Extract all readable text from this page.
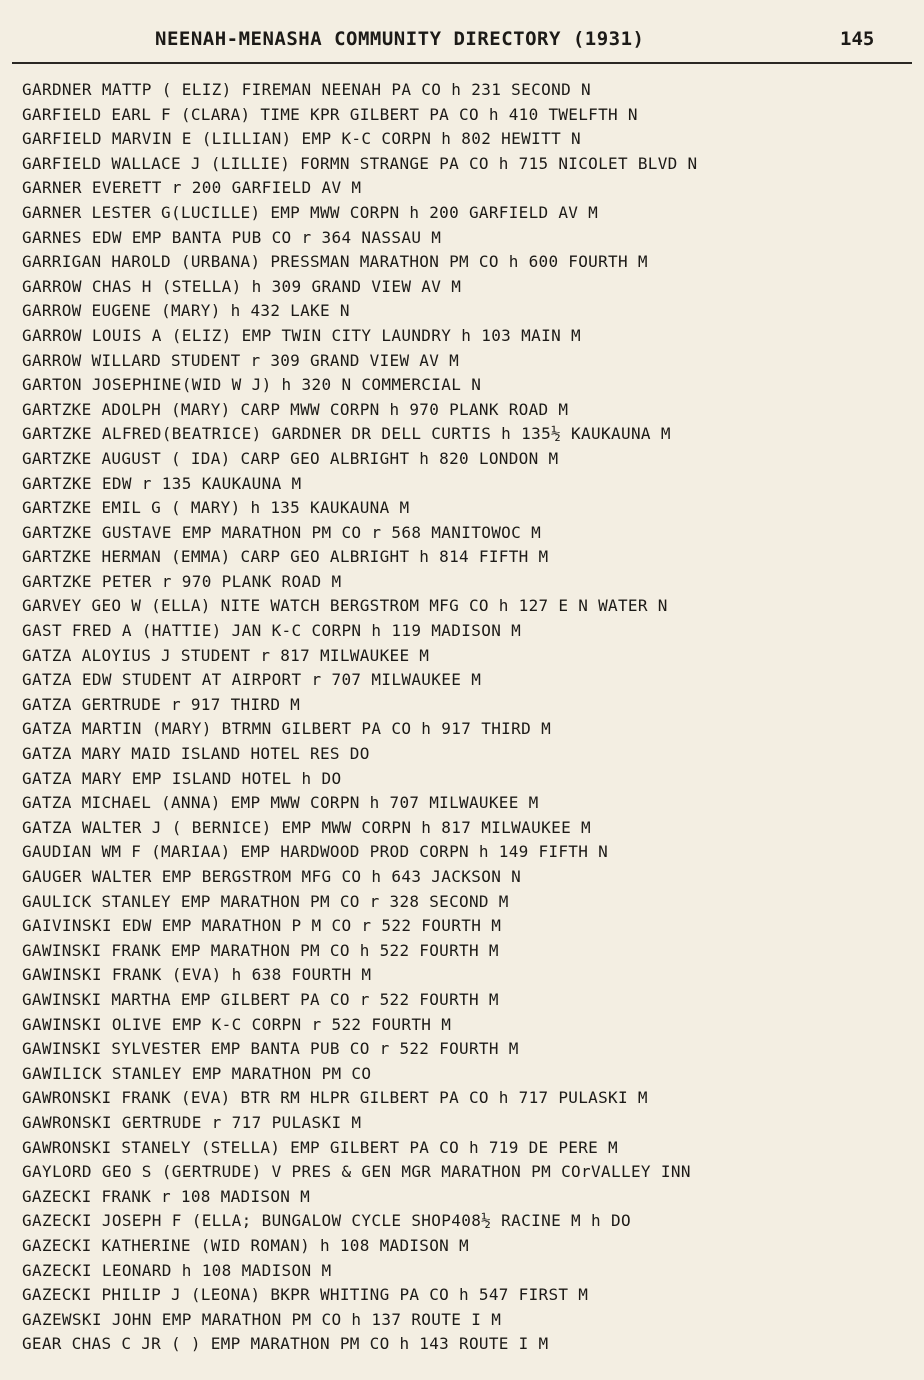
NEENAH-MENASHA COMMUNITY DIRECTORY (1931)	145
GARDNER MATTP ( ELIZ) FIREMAN NEENAH PA CO h 231 SECOND N
GARFIELD EARL F (CLARA) TIME KPR GILBERT PA CO h 410 TWELFTH N
GARFIELD MARVIN E (LILLIAN) EMP K-C CORPN h 802 HEWITT N
GARFIELD WALLACE J (LILLIE) FORMN STRANGE PA CO h 715 NICOLET BLVD N
GARNER EVERETT r 200 GARFIELD AV M
GARNER LESTER G(LUCILLE) EMP MWW CORPN h 200 GARFIELD AV M
GARNES EDW EMP BANTA PUB CO r 364 NASSAU M
GARRIGAN HAROLD (URBANA) PRESSMAN MARATHON PM CO h 600 FOURTH M
GARROW CHAS H (STELLA) h 309 GRAND VIEW AV M
GARROW EUGENE (MARY) h 432 LAKE N
GARROW LOUIS A (ELIZ) EMP TWIN CITY LAUNDRY h 103 MAIN M
GARROW WILLARD STUDENT r 309 GRAND VIEW AV M
GARTON JOSEPHINE(WID W J) h 320 N COMMERCIAL N
GARTZKE ADOLPH (MARY) CARP MWW CORPN h 970 PLANK ROAD M
GARTZKE ALFRED(BEATRICE) GARDNER DR DELL CURTIS h 135½ KAUKAUNA M
GARTZKE AUGUST ( IDA) CARP GEO ALBRIGHT h 820 LONDON M
GARTZKE EDW r 135 KAUKAUNA M
GARTZKE EMIL G ( MARY) h 135 KAUKAUNA M
GARTZKE GUSTAVE EMP MARATHON PM CO r 568 MANITOWOC M
GARTZKE HERMAN (EMMA) CARP GEO ALBRIGHT h 814 FIFTH M
GARTZKE PETER r 970 PLANK ROAD M
GARVEY GEO W (ELLA) NITE WATCH BERGSTROM MFG CO h 127 E N WATER N
GAST FRED A (HATTIE) JAN K-C CORPN h 119 MADISON M
GATZA ALOYIUS J STUDENT r 817 MILWAUKEE M
GATZA EDW STUDENT AT AIRPORT r 707 MILWAUKEE M
GATZA GERTRUDE r 917 THIRD M
GATZA MARTIN (MARY) BTRMN GILBERT PA CO h 917 THIRD M
GATZA MARY MAID ISLAND HOTEL RES DO
GATZA MARY EMP ISLAND HOTEL h DO
GATZA MICHAEL (ANNA) EMP MWW CORPN h 707 MILWAUKEE M
GATZA WALTER J ( BERNICE) EMP MWW CORPN h 817 MILWAUKEE M
GAUDIAN WM F (MARIAA) EMP HARDWOOD PROD CORPN h 149 FIFTH N
GAUGER WALTER EMP BERGSTROM MFG CO h 643 JACKSON N
GAULICK STANLEY EMP MARATHON PM CO r 328 SECOND M
GAIVINSKI EDW EMP MARATHON P M CO r 522 FOURTH M
GAWINSKI FRANK EMP MARATHON PM CO h 522 FOURTH M
GAWINSKI FRANK (EVA) h 638 FOURTH M
GAWINSKI MARTHA EMP GILBERT PA CO r 522 FOURTH M
GAWINSKI OLIVE EMP K-C CORPN r 522 FOURTH M
GAWINSKI SYLVESTER EMP BANTA PUB CO r 522 FOURTH M
GAWILICK STANLEY EMP MARATHON PM CO
GAWRONSKI FRANK (EVA) BTR RM HLPR GILBERT PA CO h 717 PULASKI M
GAWRONSKI GERTRUDE r 717 PULASKI M
GAWRONSKI STANELY (STELLA) EMP GILBERT PA CO h 719 DE PERE M
GAYLORD GEO S (GERTRUDE) V PRES & GEN MGR MARATHON PM COrVALLEY INN
GAZECKI FRANK r 108 MADISON M
GAZECKI JOSEPH F (ELLA; BUNGALOW CYCLE SHOP408½ RACINE M h DO
GAZECKI KATHERINE (WID ROMAN) h 108 MADISON M
GAZECKI LEONARD h 108 MADISON M
GAZECKI PHILIP J (LEONA) BKPR WHITING PA CO h 547 FIRST M
GAZEWSKI JOHN EMP MARATHON PM CO h 137 ROUTE I M
GEAR CHAS C JR ( ) EMP MARATHON PM CO h 143 ROUTE I M
